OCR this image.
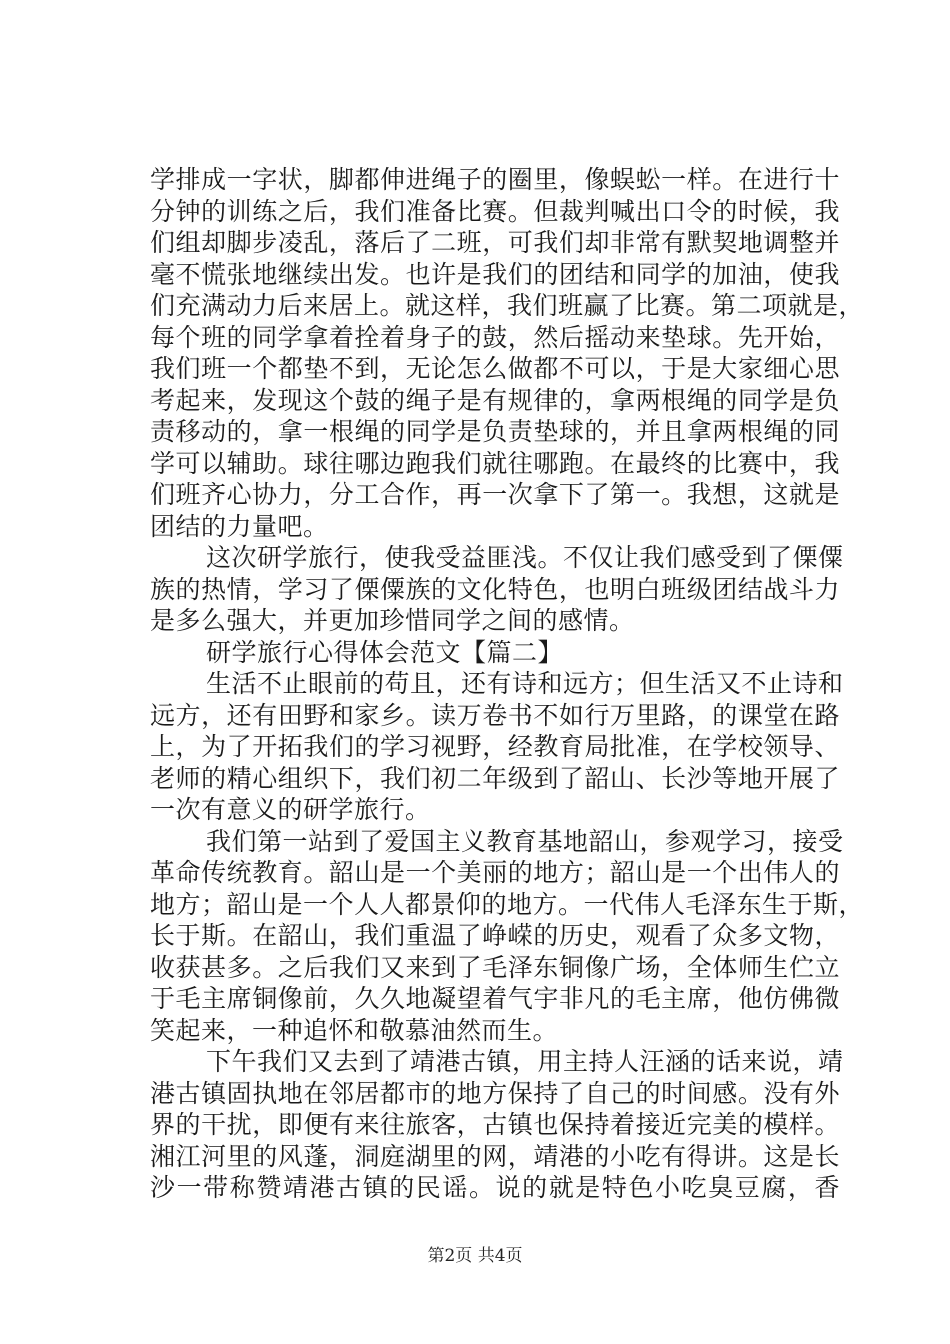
学排成一字状，脚都伸进绳子的圈里，像蜈蚣一样。在进行十
分钟的训练之后，我们准备比赛。但裁判喊出口令的时候，我
们组却脚步凌乱，落后了二班，可我们却非常有默契地调整并
毫不慌张地继续出发。也许是我们的团结和同学的加油，使我
们充满动力后来居上。就这样，我们班赢了比赛。第二项就是，
每个班的同学拿着拴着身子的鼓，然后摇动来垫球。先开始，
我们班一个都垫不到，无论怎么做都不可以，于是大家细心思
考起来，发现这个鼓的绳子是有规律的，拿两根绳的同学是负
责移动的，拿一根绳的同学是负责垫球的，并且拿两根绳的同
学可以辅助。球往哪边跑我们就往哪跑。在最终的比赛中，我
们班齐心协力，分工合作，再一次拿下了第一。我想，这就是
团结的力量吧。
这次研学旅行，使我受益匪浅。不仅让我们感受到了傈僳
族的热情，学习了傈僳族的文化特色，也明白班级团结战斗力
是多么强大，并更加珍惜同学之间的感情。
研学旅行心得体会范文【篇二】
生活不止眼前的苟且，还有诗和远方；但生活又不止诗和
远方，还有田野和家乡。读万卷书不如行万里路，的课堂在路
上，为了开拓我们的学习视野，经教育局批准，在学校领导、
老师的精心组织下，我们初二年级到了韶山、长沙等地开展了
一次有意义的研学旅行。
我们第一站到了爱国主义教育基地韶山，参观学习，接受
革命传统教育。韶山是一个美丽的地方；韶山是一个出伟人的
地方；韶山是一个人人都景仰的地方。一代伟人毛泽东生于斯，
长于斯。在韶山，我们重温了峥嵘的历史，观看了众多文物，
收获甚多。之后我们又来到了毛泽东铜像广场，全体师生伫立
于毛主席铜像前，久久地凝望着气宇非凡的毛主席，他仿佛微
笑起来，一种追怀和敬慕油然而生。
下午我们又去到了靖港古镇，用主持人汪涵的话来说，靖
港古镇固执地在邻居都市的地方保持了自己的时间感。没有外
界的干扰，即便有来往旅客，古镇也保持着接近完美的模样。
湘江河里的风蓬，洞庭湖里的网，靖港的小吃有得讲。这是长
沙一带称赞靖港古镇的民谣。说的就是特色小吃臭豆腐，香
第2页 共4页
